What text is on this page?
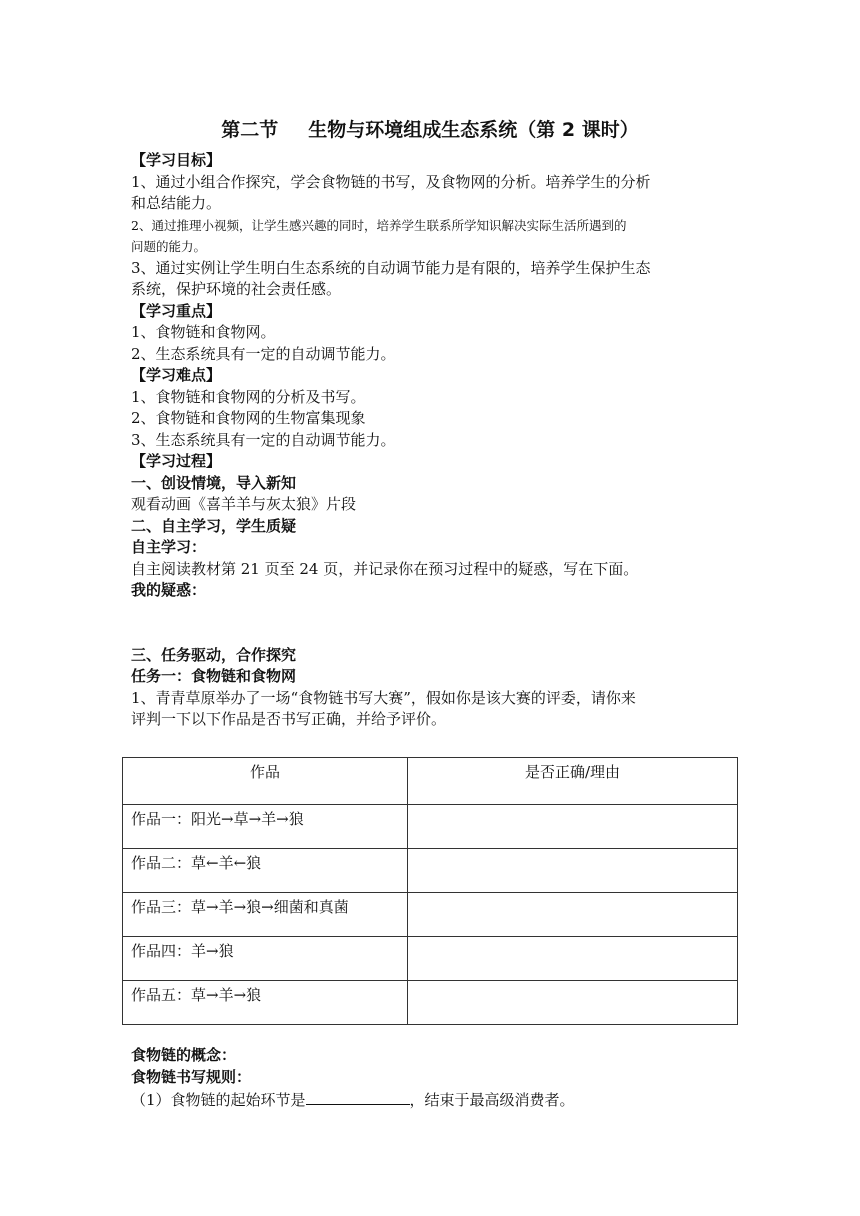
第二节 生物与环境组成生态系统（第 2 课时）
【学习目标】
1、通过小组合作探究，学会食物链的书写，及食物网的分析。培养学生的分析
和总结能力。
2、通过推理小视频，让学生感兴趣的同时，培养学生联系所学知识解决实际生活所遇到的
问题的能力。
3、通过实例让学生明白生态系统的自动调节能力是有限的，培养学生保护生态
系统，保护环境的社会责任感。
【学习重点】
1、食物链和食物网。
2、生态系统具有一定的自动调节能力。
【学习难点】
1、食物链和食物网的分析及书写。
2、食物链和食物网的生物富集现象
3、生态系统具有一定的自动调节能力。
【学习过程】
一、创设情境，导入新知
观看动画《喜羊羊与灰太狼》片段
二、自主学习，学生质疑
自主学习：
自主阅读教材第 21 页至 24 页，并记录你在预习过程中的疑惑，写在下面。
我的疑惑：
三、任务驱动，合作探究
任务一：食物链和食物网
1、青青草原举办了一场“食物链书写大赛”，假如你是该大赛的评委，请你来
评判一下以下作品是否书写正确，并给予评价。
作品	是否正确/理由
作品一：阳光→草→羊→狼	
作品二：草←羊←狼	
作品三：草→羊→狼→细菌和真菌	
作品四：羊→狼	
作品五：草→羊→狼	
食物链的概念：
食物链书写规则：
（1）食物链的起始环节是	，结束于最高级消费者。
